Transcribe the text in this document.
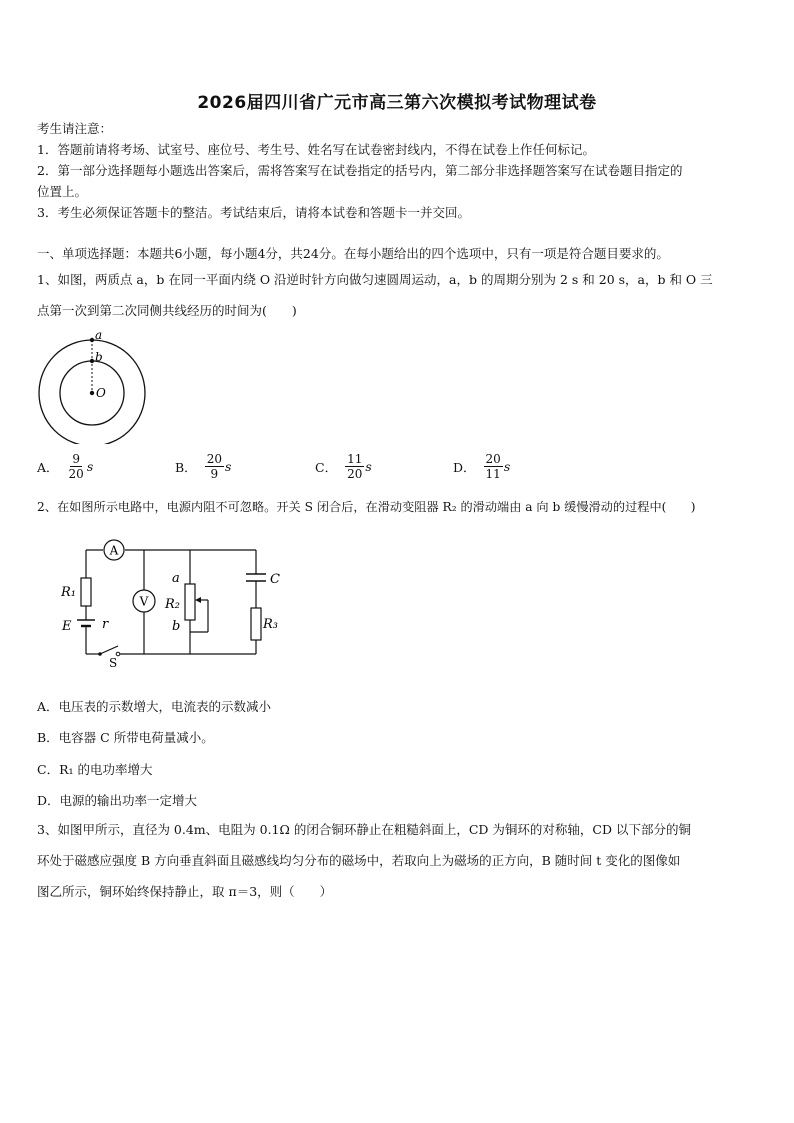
2026届四川省广元市高三第六次模拟考试物理试卷
考生请注意：
1．答题前请将考场、试室号、座位号、考生号、姓名写在试卷密封线内，不得在试卷上作任何标记。
2．第一部分选择题每小题选出答案后，需将答案写在试卷指定的括号内，第二部分非选择题答案写在试卷题目指定的
位置上。
3．考生必须保证答题卡的整洁。考试结束后，请将本试卷和答题卡一并交回。
一、单项选择题：本题共6小题，每小题4分，共24分。在每小题给出的四个选项中，只有一项是符合题目要求的。
1、如图，两质点 a，b 在同一平面内绕 O 沿逆时针方向做匀速圆周运动，a，b 的周期分别为 2 s 和 20 s，a，b 和 O 三
点第一次到第二次同侧共线经历的时间为(　　)
a
b
O
A． $\frac{9}{20}$ s	B． $\frac{20}{9}$ s	C． $\frac{11}{20}$ s	D． $\frac{20}{11}$ s
2、在如图所示电路中，电源内阻不可忽略。开关 S 闭合后，在滑动变阻器 R₂ 的滑动端由 a 向 b 缓慢滑动的过程中(　　)
A
V
R₁
E r
S
a
R₂
b
C
R₃
A．电压表的示数增大，电流表的示数减小
B．电容器 C 所带电荷量减小。
C．R₁ 的电功率增大
D．电源的输出功率一定增大
3、如图甲所示，直径为 0.4m、电阻为 0.1Ω 的闭合铜环静止在粗糙斜面上，CD 为铜环的对称轴，CD 以下部分的铜
环处于磁感应强度 B 方向垂直斜面且磁感线均匀分布的磁场中，若取向上为磁场的正方向，B 随时间 t 变化的图像如
图乙所示，铜环始终保持静止，取 π＝3，则（　　）
